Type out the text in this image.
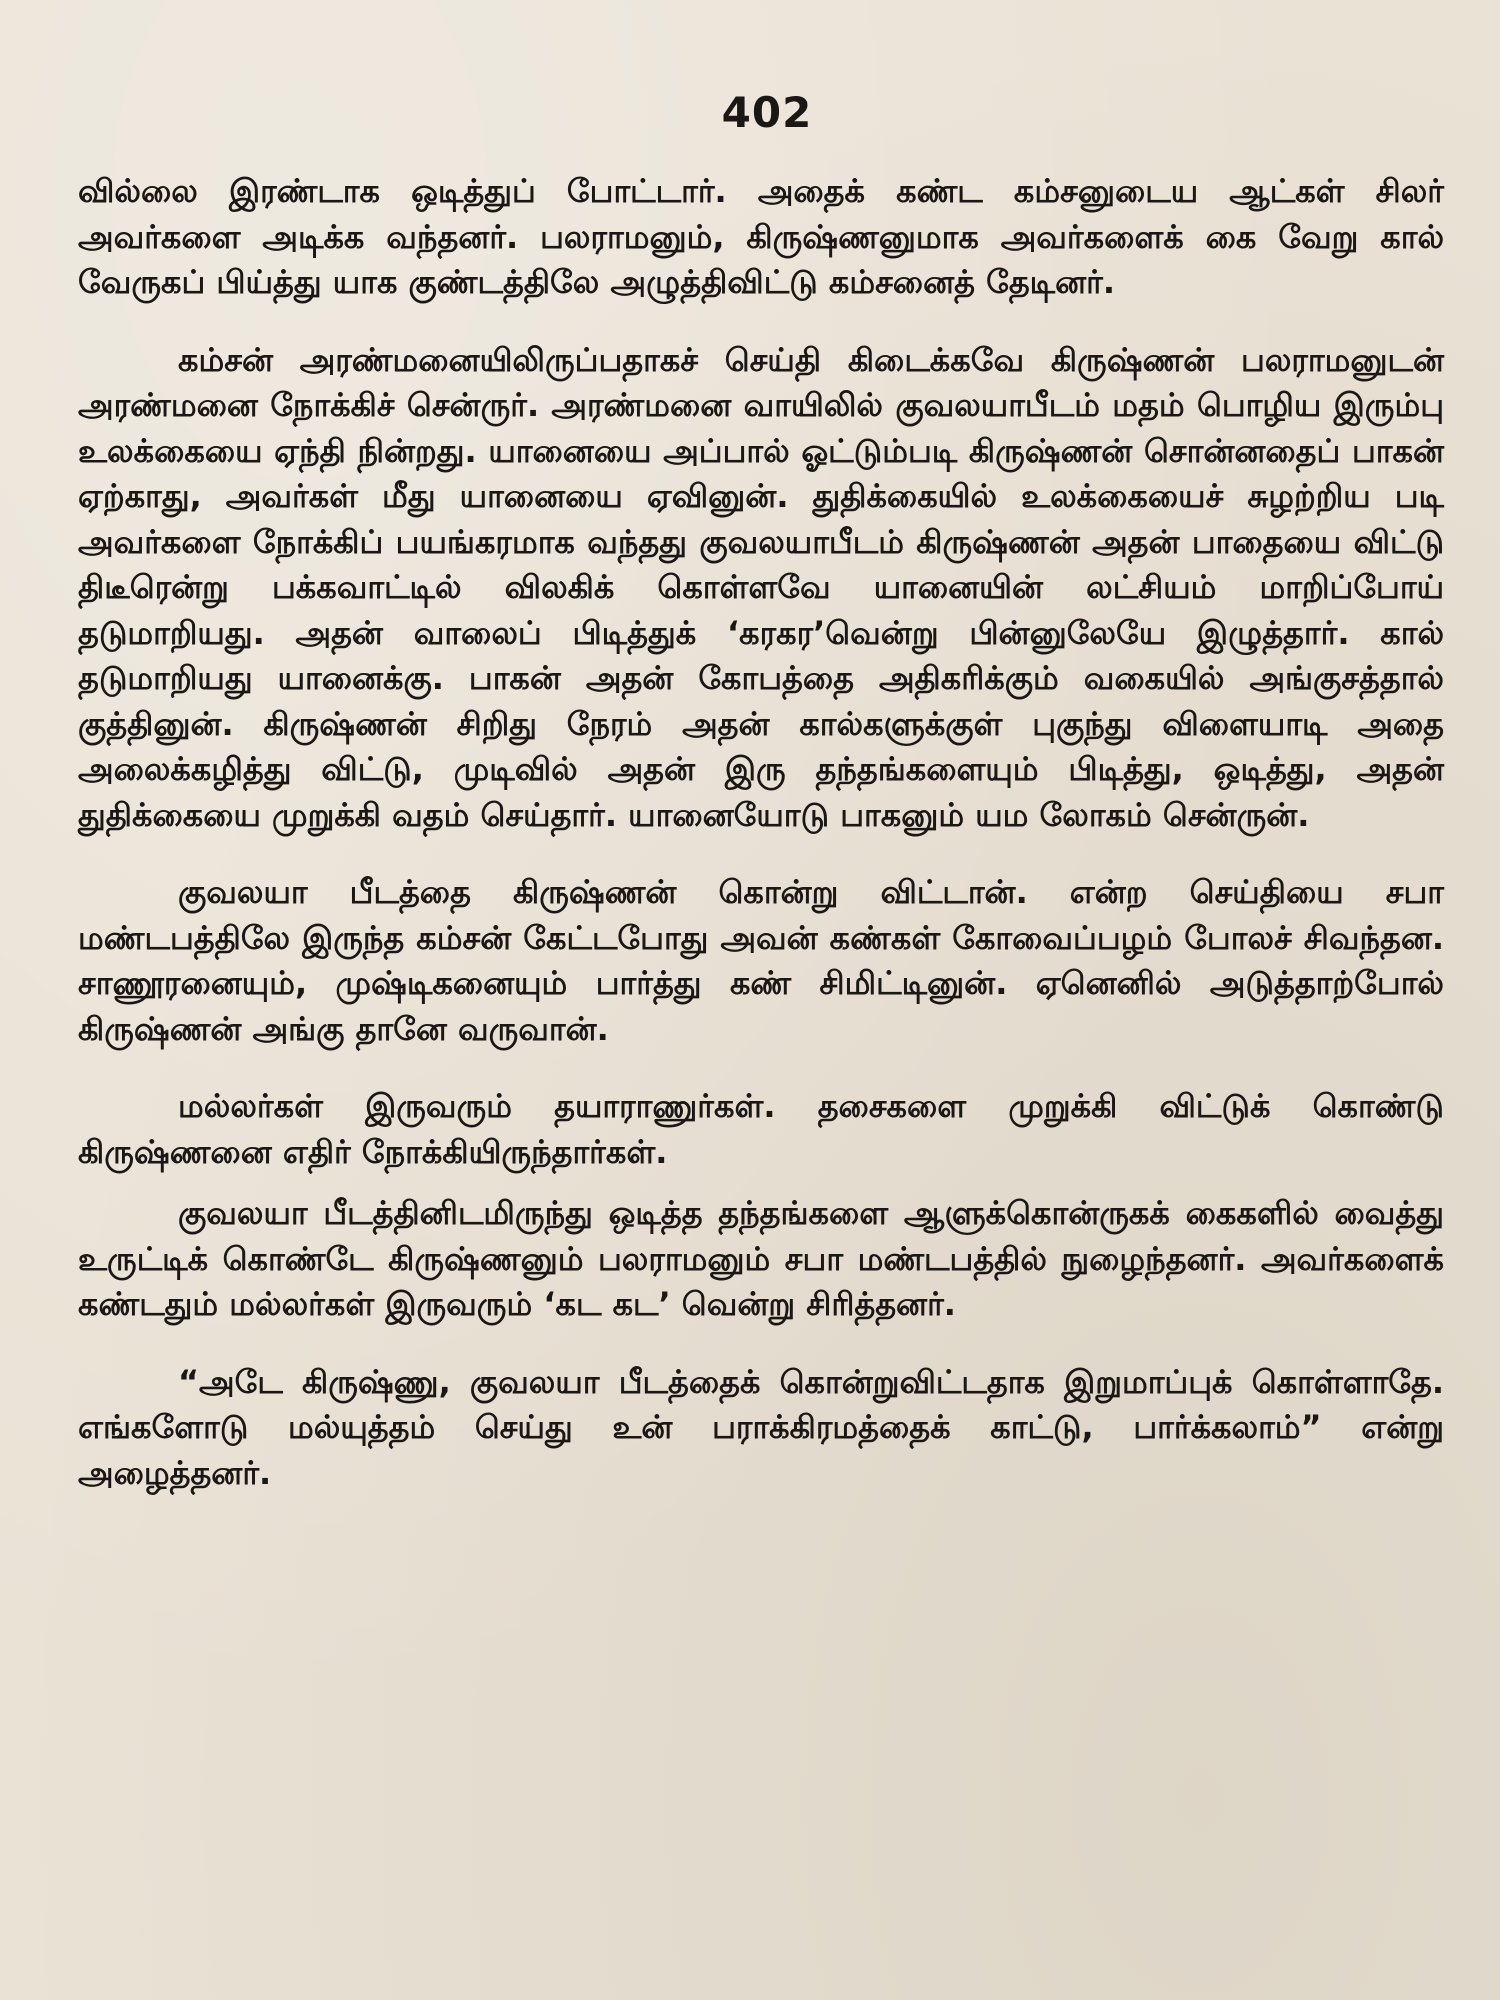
402

வில்லை இரண்டாக ஒடித்துப் போட்டார். அதைக் கண்ட கம்சனுடைய ஆட்கள் சிலர் அவர்களை அடிக்க வந்தனர். பலராமனும், கிருஷ்ணனுமாக அவர்களைக் கை வேறு கால் வேருகப் பிய்த்து யாக குண்டத்திலே அழுத்திவிட்டு கம்சனைத் தேடினர்.

கம்சன் அரண்மனையிலிருப்பதாகச் செய்தி கிடைக்கவே கிருஷ்ணன் பலராமனுடன் அரண்மனை நோக்கிச் சென்ருர். அரண்மனை வாயிலில் குவலயாபீடம் மதம் பொழிய இரும்பு உலக்கையை ஏந்தி நின்றது. யானையை அப்பால் ஓட்டும்படி கிருஷ்ணன் சொன்னதைப் பாகன் ஏற்காது, அவர்கள் மீது யானையை ஏவினுன். துதிக்கையில் உலக்கையைச் சுழற்றிய படி அவர்களை நோக்கிப் பயங்கரமாக வந்தது குவலயாபீடம் கிருஷ்ணன் அதன் பாதையை விட்டு திடீரென்று பக்கவாட்டில் விலகிக் கொள்ளவே யானையின் லட்சியம் மாறிப்போய் தடுமாறியது. அதன் வாலைப் பிடித்துக் ‘கரகர’வென்று பின்னுலேயே இழுத்தார். கால் தடுமாறியது யானைக்கு. பாகன் அதன் கோபத்தை அதிகரிக்கும் வகையில் அங்குசத்தால் குத்தினுன். கிருஷ்ணன் சிறிது நேரம் அதன் கால்களுக்குள் புகுந்து விளையாடி அதை அலைக்கழித்து விட்டு, முடிவில் அதன் இரு தந்தங்களையும் பிடித்து, ஒடித்து, அதன் துதிக்கையை முறுக்கி வதம் செய்தார். யானையோடு பாகனும் யம லோகம் சென்ருன்.

குவலயா பீடத்தை கிருஷ்ணன் கொன்று விட்டான். என்ற செய்தியை சபா மண்டபத்திலே இருந்த கம்சன் கேட்டபோது அவன் கண்கள் கோவைப்பழம் போலச் சிவந்தன. சாணூரனையும், முஷ்டிகனையும் பார்த்து கண் சிமிட்டினுன். ஏனெனில் அடுத்தாற்போல் கிருஷ்ணன் அங்கு தானே வருவான்.

மல்லர்கள் இருவரும் தயாராணுர்கள். தசைகளை முறுக்கி விட்டுக் கொண்டு கிருஷ்ணனை எதிர் நோக்கியிருந்தார்கள்.

குவலயா பீடத்தினிடமிருந்து ஒடித்த தந்தங்களை ஆளுக்கொன்ருகக் கைகளில் வைத்து உருட்டிக் கொண்டே கிருஷ்ணனும் பலராமனும் சபா மண்டபத்தில் நுழைந்தனர். அவர்களைக் கண்டதும் மல்லர்கள் இருவரும் ‘கட கட’ வென்று சிரித்தனர்.

“அடே கிருஷ்ணு, குவலயா பீடத்தைக் கொன்றுவிட்டதாக இறுமாப்புக் கொள்ளாதே. எங்களோடு மல்யுத்தம் செய்து உன் பராக்கிரமத்தைக் காட்டு, பார்க்கலாம்” என்று அழைத்தனர்.
